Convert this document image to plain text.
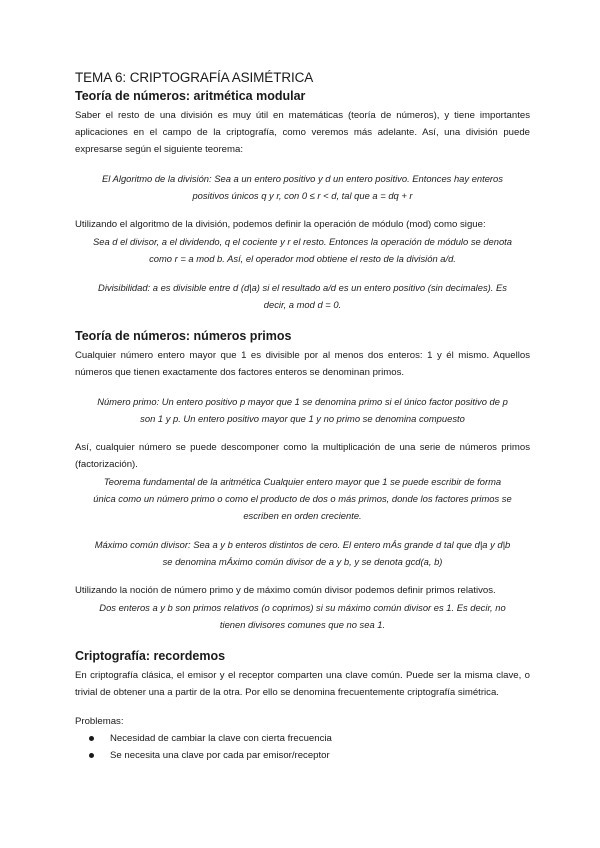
TEMA 6: CRIPTOGRAFÍA ASIMÉTRICA
Teoría de números: aritmética modular

Saber el resto de una división es muy útil en matemáticas (teoría de números), y tiene importantes aplicaciones en el campo de la criptografía, como veremos más adelante. Así, una división puede expresarse según el siguiente teorema:

El Algoritmo de la división: Sea a un entero positivo y d un entero positivo. Entonces hay enteros

positivos únicos q y r, con 0 ≤ r < d, tal que a = dq + r

Utilizando el algoritmo de la división, podemos definir la operación de módulo (mod) como sigue:

Sea d el divisor, a el dividendo, q el cociente y r el resto. Entonces la operación de módulo se denota

como r = a mod b. Así, el operador mod obtiene el resto de la división a/d.

Divisibilidad: a es divisible entre d (d|a) si el resultado a/d es un entero positivo (sin decimales). Es

decir, a mod d = 0.

Teoría de números: números primos

Cualquier número entero mayor que 1 es divisible por al menos dos enteros: 1 y él mismo. Aquellos números que tienen exactamente dos factores enteros se denominan primos.

Número primo: Un entero positivo p mayor que 1 se denomina primo si el único factor positivo de p

son 1 y p. Un entero positivo mayor que 1 y no primo se denomina compuesto

Así, cualquier número se puede descomponer como la multiplicación de una serie de números primos (factorización).

Teorema fundamental de la aritmética Cualquier entero mayor que 1 se puede escribir de forma

única como un número primo o como el producto de dos o más primos, donde los factores primos se

escriben en orden creciente.

Máximo común divisor: Sea a y b enteros distintos de cero. El entero mÁs grande d tal que d|a y d|b

se denomina mÁximo común divisor de a y b, y se denota gcd(a, b)

Utilizando la noción de número primo y de máximo común divisor podemos definir primos relativos.

Dos enteros a y b son primos relativos (o coprimos) si su máximo común divisor es 1. Es decir, no

tienen divisores comunes que no sea 1.

Criptografía: recordemos

En criptografía clásica, el emisor y el receptor comparten una clave común. Puede ser la misma clave, o trivial de obtener una a partir de la otra. Por ello se denomina frecuentemente criptografía simétrica.

Problemas:

Necesidad de cambiar la clave con cierta frecuencia
Se necesita una clave por cada par emisor/receptor
